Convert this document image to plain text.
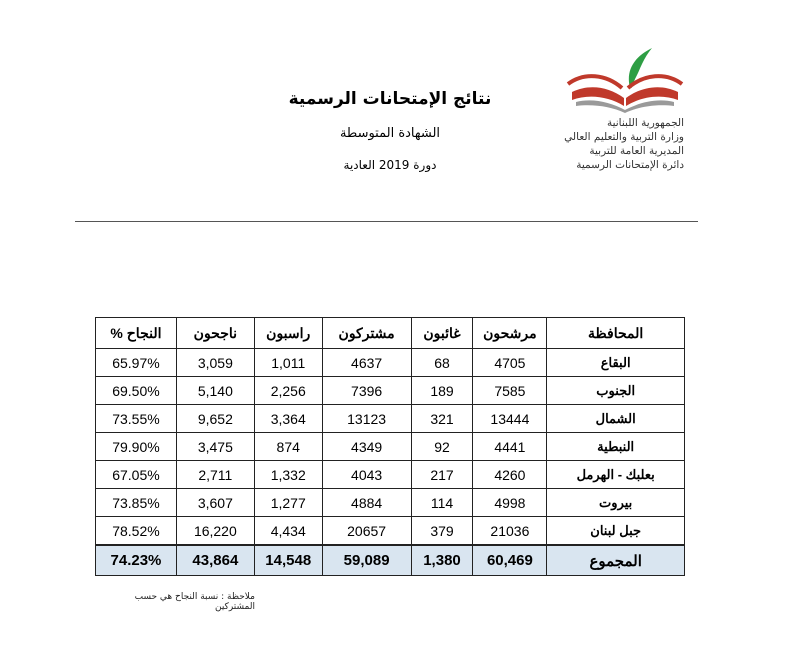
نتائج الإمتحانات الرسمية
الشهادة المتوسطة
دورة 2019 العادية
الجمهورية اللبنانية
وزارة التربية والتعليم العالي
المديرية العامة للتربية
دائرة الإمتحانات الرسمية
المحافظة	مرشحون	غائبون	مشتركون	راسبون	ناجحون	النجاح %
البقاع	4705	68	4637	1,011	3,059	65.97%
الجنوب	7585	189	7396	2,256	5,140	69.50%
الشمال	13444	321	13123	3,364	9,652	73.55%
النبطية	4441	92	4349	874	3,475	79.90%
بعلبك - الهرمل	4260	217	4043	1,332	2,711	67.05%
بيروت	4998	114	4884	1,277	3,607	73.85%
جبل لبنان	21036	379	20657	4,434	16,220	78.52%
المجموع	60,469	1,380	59,089	14,548	43,864	74.23%
ملاحظة : نسبة النجاح هي حسب المشتركين
